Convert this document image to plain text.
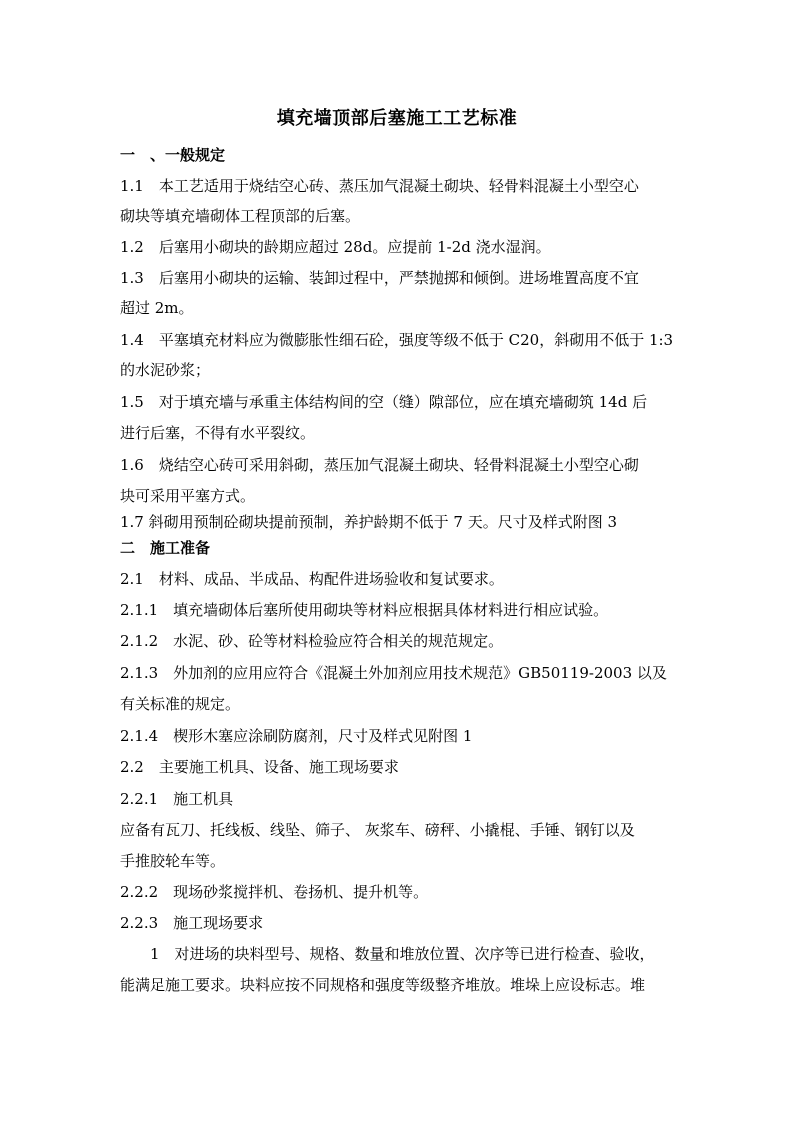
填充墙顶部后塞施工工艺标准
一　、一般规定
1.1　本工艺适用于烧结空心砖、蒸压加气混凝土砌块、轻骨料混凝土小型空心
砌块等填充墙砌体工程顶部的后塞。
1.2　后塞用小砌块的龄期应超过 28d。应提前 1-2d 浇水湿润。
1.3　后塞用小砌块的运输、装卸过程中，严禁抛掷和倾倒。进场堆置高度不宜
超过 2m。
1.4　平塞填充材料应为微膨胀性细石砼，强度等级不低于 C20，斜砌用不低于 1:3
的水泥砂浆；
1.5　对于填充墙与承重主体结构间的空（缝）隙部位，应在填充墙砌筑 14d 后
进行后塞，不得有水平裂纹。
1.6　烧结空心砖可采用斜砌，蒸压加气混凝土砌块、轻骨料混凝土小型空心砌
块可采用平塞方式。
1.7 斜砌用预制砼砌块提前预制，养护龄期不低于 7 天。尺寸及样式附图 3
二　施工准备
2.1　材料、成品、半成品、构配件进场验收和复试要求。
2.1.1　填充墙砌体后塞所使用砌块等材料应根据具体材料进行相应试验。
2.1.2　水泥、砂、砼等材料检验应符合相关的规范规定。
2.1.3　外加剂的应用应符合《混凝土外加剂应用技术规范》GB50119-2003 以及
有关标准的规定。
2.1.4　楔形木塞应涂刷防腐剂，尺寸及样式见附图 1
2.2　主要施工机具、设备、施工现场要求
2.2.1　施工机具
应备有瓦刀、托线板、线坠、筛子、 灰浆车、磅秤、小撬棍、手锤、钢钉以及
手推胶轮车等。
2.2.2　现场砂浆搅拌机、卷扬机、提升机等。
2.2.3　施工现场要求
1　对进场的块料型号、规格、数量和堆放位置、次序等已进行检查、验收，
能满足施工要求。块料应按不同规格和强度等级整齐堆放。堆垛上应设标志。堆
